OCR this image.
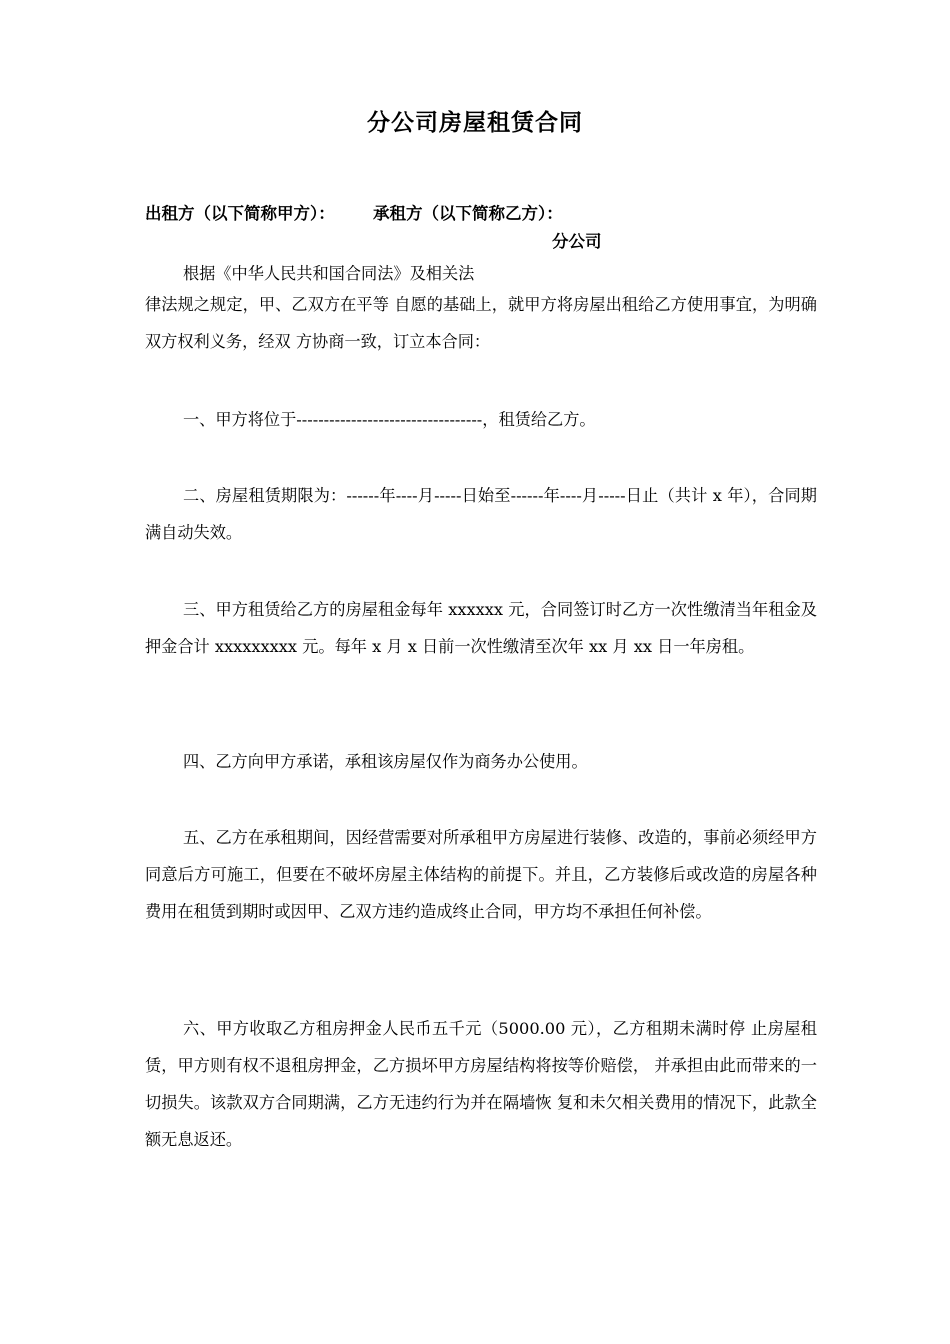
分公司房屋租赁合同
出租方（以下简称甲方）： 承租方（以下简称乙方）：
分公司
根据《中华人民共和国合同法》及相关法
律法规之规定，甲、乙双方在平等 自愿的基础上，就甲方将房屋出租给乙方使用事宜，为明确双方权利义务，经双 方协商一致，订立本合同：
一、甲方将位于----------------------------------，租赁给乙方。
二、房屋租赁期限为：------年----月-----日始至------年----月-----日止（共计 x 年），合同期满自动失效。
三、甲方租赁给乙方的房屋租金每年 xxxxxx 元，合同签订时乙方一次性缴清当年租金及押金合计 xxxxxxxxx 元。每年 x 月 x 日前一次性缴清至次年 xx 月 xx 日一年房租。
四、乙方向甲方承诺，承租该房屋仅作为商务办公使用。
五、乙方在承租期间，因经营需要对所承租甲方房屋进行装修、改造的，事前必须经甲方同意后方可施工，但要在不破坏房屋主体结构的前提下。并且，乙方装修后或改造的房屋各种费用在租赁到期时或因甲、乙双方违约造成终止合同，甲方均不承担任何补偿。
六、甲方收取乙方租房押金人民币五千元（5000.00 元），乙方租期未满时停 止房屋租赁，甲方则有权不退租房押金，乙方损坏甲方房屋结构将按等价赔偿， 并承担由此而带来的一切损失。该款双方合同期满，乙方无违约行为并在隔墙恢 复和未欠相关费用的情况下，此款全额无息返还。
